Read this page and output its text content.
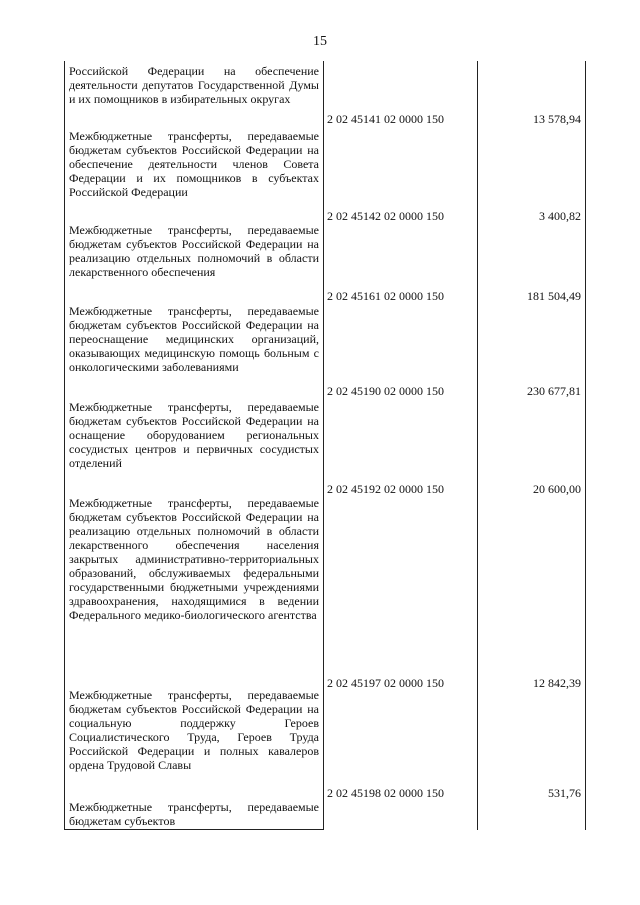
15
Российской Федерации на обеспечение деятельности депутатов Государственной Думы и их помощников в избирательных округах
2 02 45141 02 0000 150	13 578,94
Межбюджетные трансферты, передаваемые бюджетам субъектов Российской Федерации на обеспечение деятельности членов Совета Федерации и их помощников в субъектах Российской Федерации
2 02 45142 02 0000 150	3 400,82
Межбюджетные трансферты, передаваемые бюджетам субъектов Российской Федерации на реализацию отдельных полномочий в области лекарственного обеспечения
2 02 45161 02 0000 150	181 504,49
Межбюджетные трансферты, передаваемые бюджетам субъектов Российской Федерации на переоснащение медицинских организаций, оказывающих медицинскую помощь больным с онкологическими заболеваниями
2 02 45190 02 0000 150	230 677,81
Межбюджетные трансферты, передаваемые бюджетам субъектов Российской Федерации на оснащение оборудованием региональных сосудистых центров и первичных сосудистых отделений
2 02 45192 02 0000 150	20 600,00
Межбюджетные трансферты, передаваемые бюджетам субъектов Российской Федерации на реализацию отдельных полномочий в области лекарственного обеспечения населения закрытых административно-территориальных образований, обслуживаемых федеральными государственными бюджетными учреждениями здравоохранения, находящимися в ведении Федерального медико-биологического агентства
2 02 45197 02 0000 150	12 842,39
Межбюджетные трансферты, передаваемые бюджетам субъектов Российской Федерации на социальную поддержку Героев Социалистического Труда, Героев Труда Российской Федерации и полных кавалеров ордена Трудовой Славы
2 02 45198 02 0000 150	531,76
Межбюджетные трансферты, передаваемые бюджетам субъектов
